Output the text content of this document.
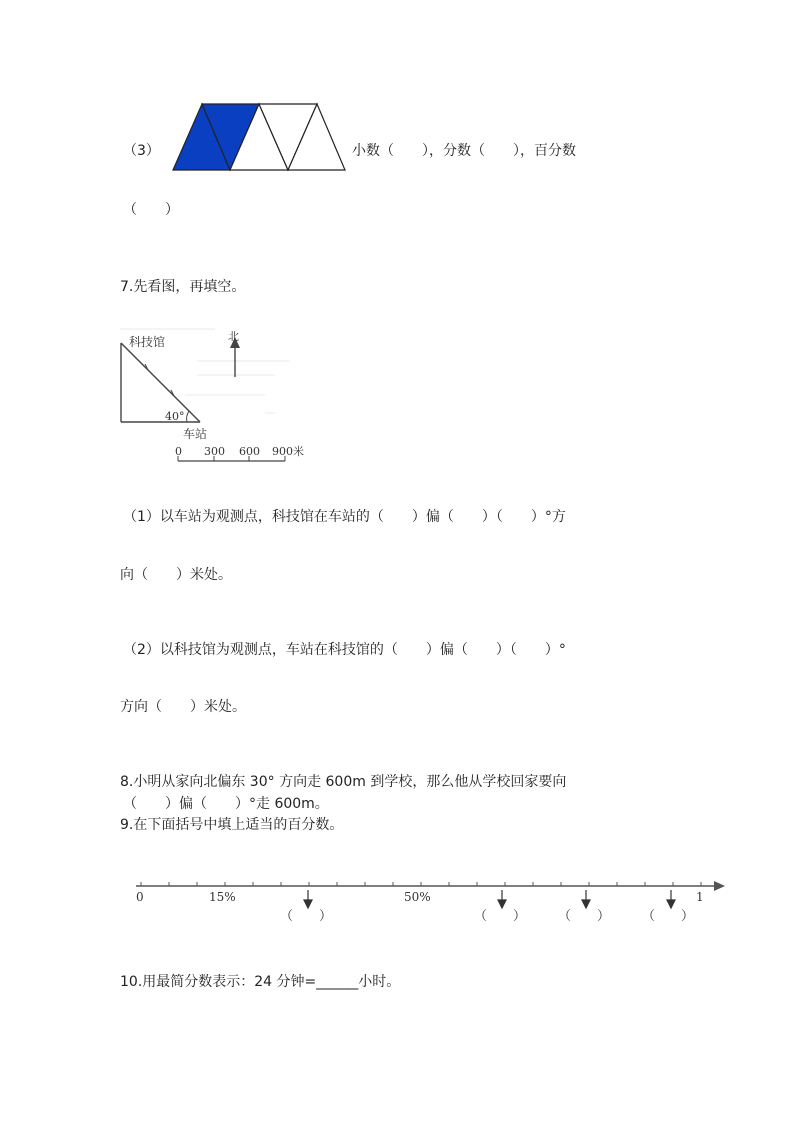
（3）	小数（　　），分数（　　），百分数
（　　）
7.先看图，再填空。
40°
科技馆	北
车站
0 300 600 900米
（1）以车站为观测点，科技馆在车站的（　　）偏（　　）（　　）°方
向（　　）米处。
（2）以科技馆为观测点，车站在科技馆的（　　）偏（　　）（　　）°
方向（　　）米处。
8.小明从家向北偏东 30° 方向走 600m 到学校，那么他从学校回家要向
（　　）偏（　　）°走 600m。
9.在下面括号中填上适当的百分数。
0	15%	50%	1
（　　）	（　　） （　　） （　　）
10.用最简分数表示：24 分钟=______小时。
